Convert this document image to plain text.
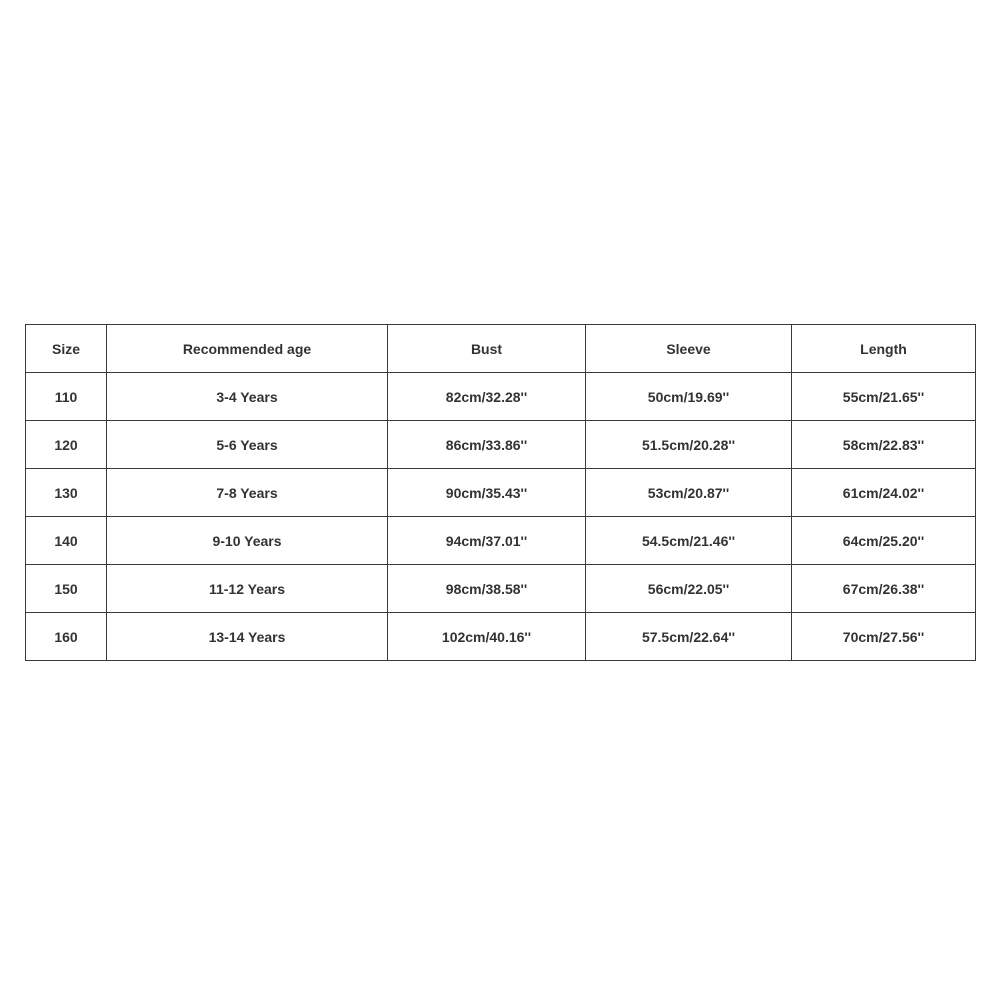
Size	Recommended age	Bust	Sleeve	Length
110	3-4 Years	82cm/32.28''	50cm/19.69''	55cm/21.65''
120	5-6 Years	86cm/33.86''	51.5cm/20.28''	58cm/22.83''
130	7-8 Years	90cm/35.43''	53cm/20.87''	61cm/24.02''
140	9-10 Years	94cm/37.01''	54.5cm/21.46''	64cm/25.20''
150	11-12 Years	98cm/38.58''	56cm/22.05''	67cm/26.38''
160	13-14 Years	102cm/40.16''	57.5cm/22.64''	70cm/27.56''
